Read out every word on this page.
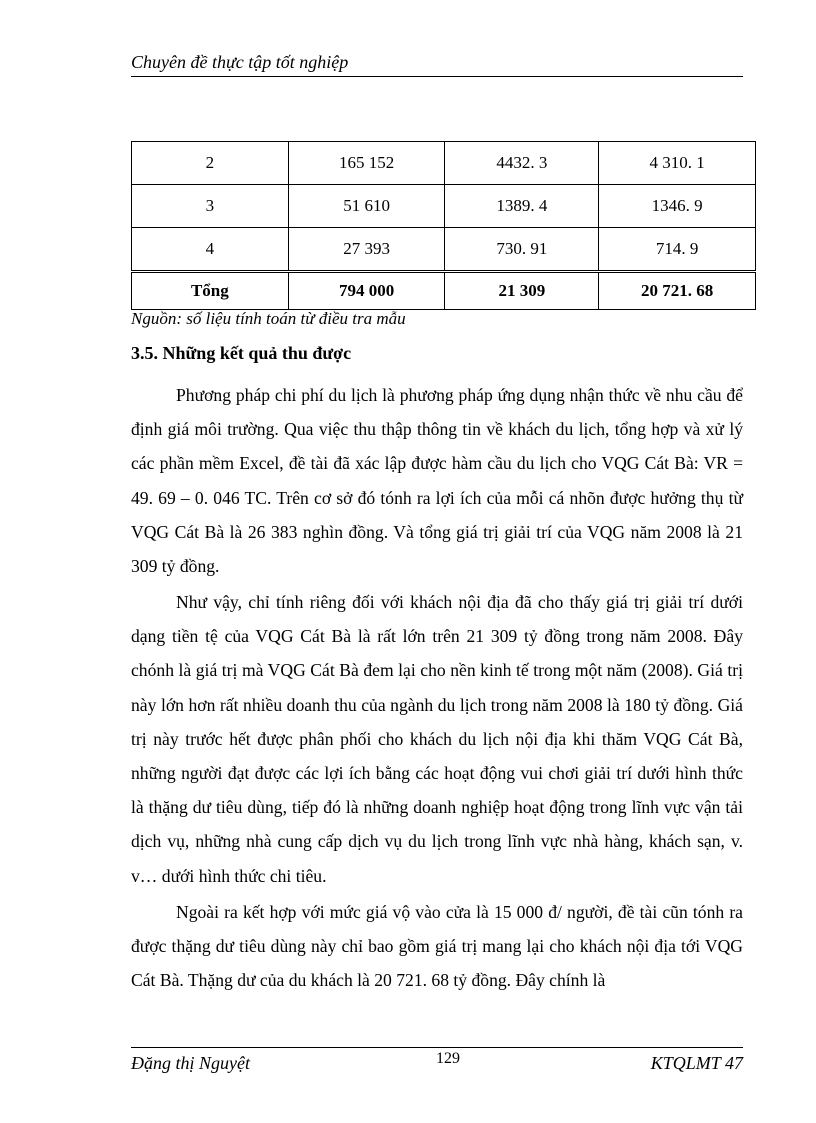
Chuyên đề thực tập tốt nghiệp
2	165 152	4432. 3	4 310. 1
3	51 610	1389. 4	1346. 9
4	27 393	730. 91	714. 9
Tổng	794 000	21 309	20 721. 68
Nguồn: số liệu tính toán từ điều tra mẫu
3.5. Những kết quả thu được

Phương pháp chi phí du lịch là phương pháp ứng dụng nhận thức về nhu cầu để định giá môi trường. Qua việc thu thập thông tin về khách du lịch, tổng hợp và xử lý các phần mềm Excel, đề tài đã xác lập được hàm cầu du lịch cho VQG Cát Bà: VR = 49. 69 – 0. 046 TC. Trên cơ sở đó tónh ra lợi ích của mỗi cá nhõn được hưởng thụ từ VQG Cát Bà là 26 383 nghìn đồng. Và tổng giá trị giải trí của VQG năm 2008 là 21 309 tỷ đồng.

Như vậy, chỉ tính riêng đối với khách nội địa đã cho thấy giá trị giải trí dưới dạng tiền tệ của VQG Cát Bà là rất lớn trên 21 309 tỷ đồng trong năm 2008. Đây chónh là giá trị mà VQG Cát Bà đem lại cho nền kinh tế trong một năm (2008). Giá trị này lớn hơn rất nhiều doanh thu của ngành du lịch trong năm 2008 là 180 tỷ đồng. Giá trị này trước hết được phân phối cho khách du lịch nội địa khi thăm VQG Cát Bà, những người đạt được các lợi ích bằng các hoạt động vui chơi giải trí dưới hình thức là thặng dư tiêu dùng, tiếp đó là những doanh nghiệp hoạt động trong lĩnh vực vận tải dịch vụ, những nhà cung cấp dịch vụ du lịch trong lĩnh vực nhà hàng, khách sạn, v. v… dưới hình thức chi tiêu.

Ngoài ra kết hợp với mức giá vộ vào cửa là 15 000 đ/ người, đề tài cũn tónh ra được thặng dư tiêu dùng này chỉ bao gồm giá trị mang lại cho khách nội địa tới VQG Cát Bà. Thặng dư của du khách là 20 721. 68 tỷ đồng. Đây chính là

Đặng thị Nguyệt	129	KTQLMT 47
